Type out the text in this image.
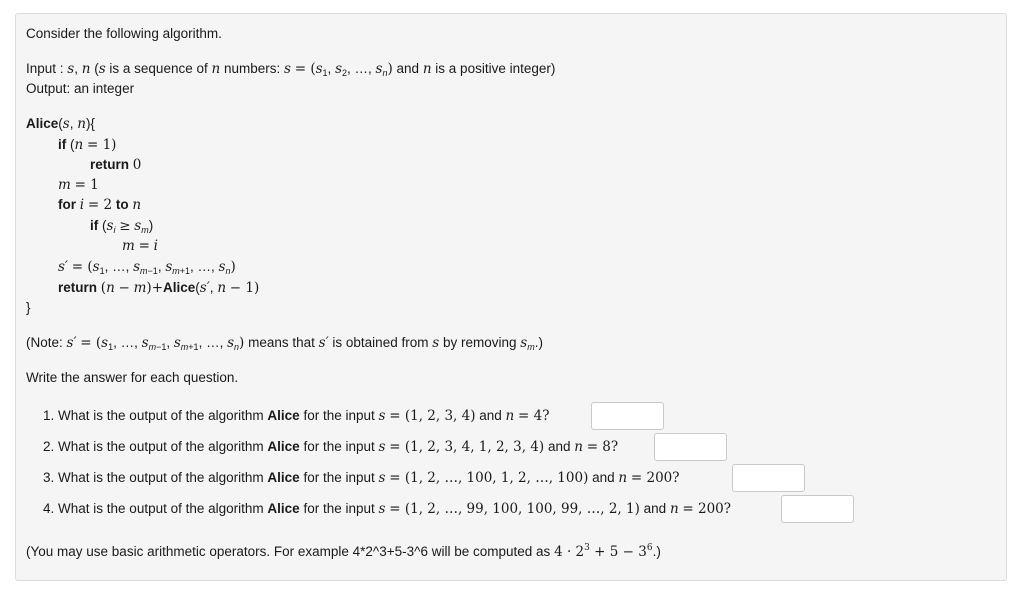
Consider the following algorithm.
Input : s, n (s is a sequence of n numbers: $s = (s_1$, $s_2$, …, $s_n$) and n is a positive integer)
Output: an integer
Alice(s, n){
if (n = 1)
return 0
m = 1
for i = 2 to n
if $(s_i \ge s_m)$
m = i
$s' = (s_1$, …, $s_{m-1}$, $s_{m+1}$, …, $s_n$)
return (n − m)+Alice(s′, n − 1)
}
(Note: $s' = (s_1$, …, $s_{m-1}$, $s_{m+1}$, …, $s_n$) means that s′ is obtained from s by removing $s_m$.)
Write the answer for each question.
1. What is the output of the algorithm Alice for the input s = (1, 2, 3, 4) and n = 4?
2. What is the output of the algorithm Alice for the input s = (1, 2, 3, 4, 1, 2, 3, 4) and n = 8?
3. What is the output of the algorithm Alice for the input s = (1, 2, …, 100, 1, 2, …, 100) and n = 200?
4. What is the output of the algorithm Alice for the input s = (1, 2, …, 99, 100, 100, 99, …, 2, 1) and n = 200?
(You may use basic arithmetic operators. For example 4*2^3+5-3^6 will be computed as $4 \cdot 2^3 + 5 - 3^6$.)
